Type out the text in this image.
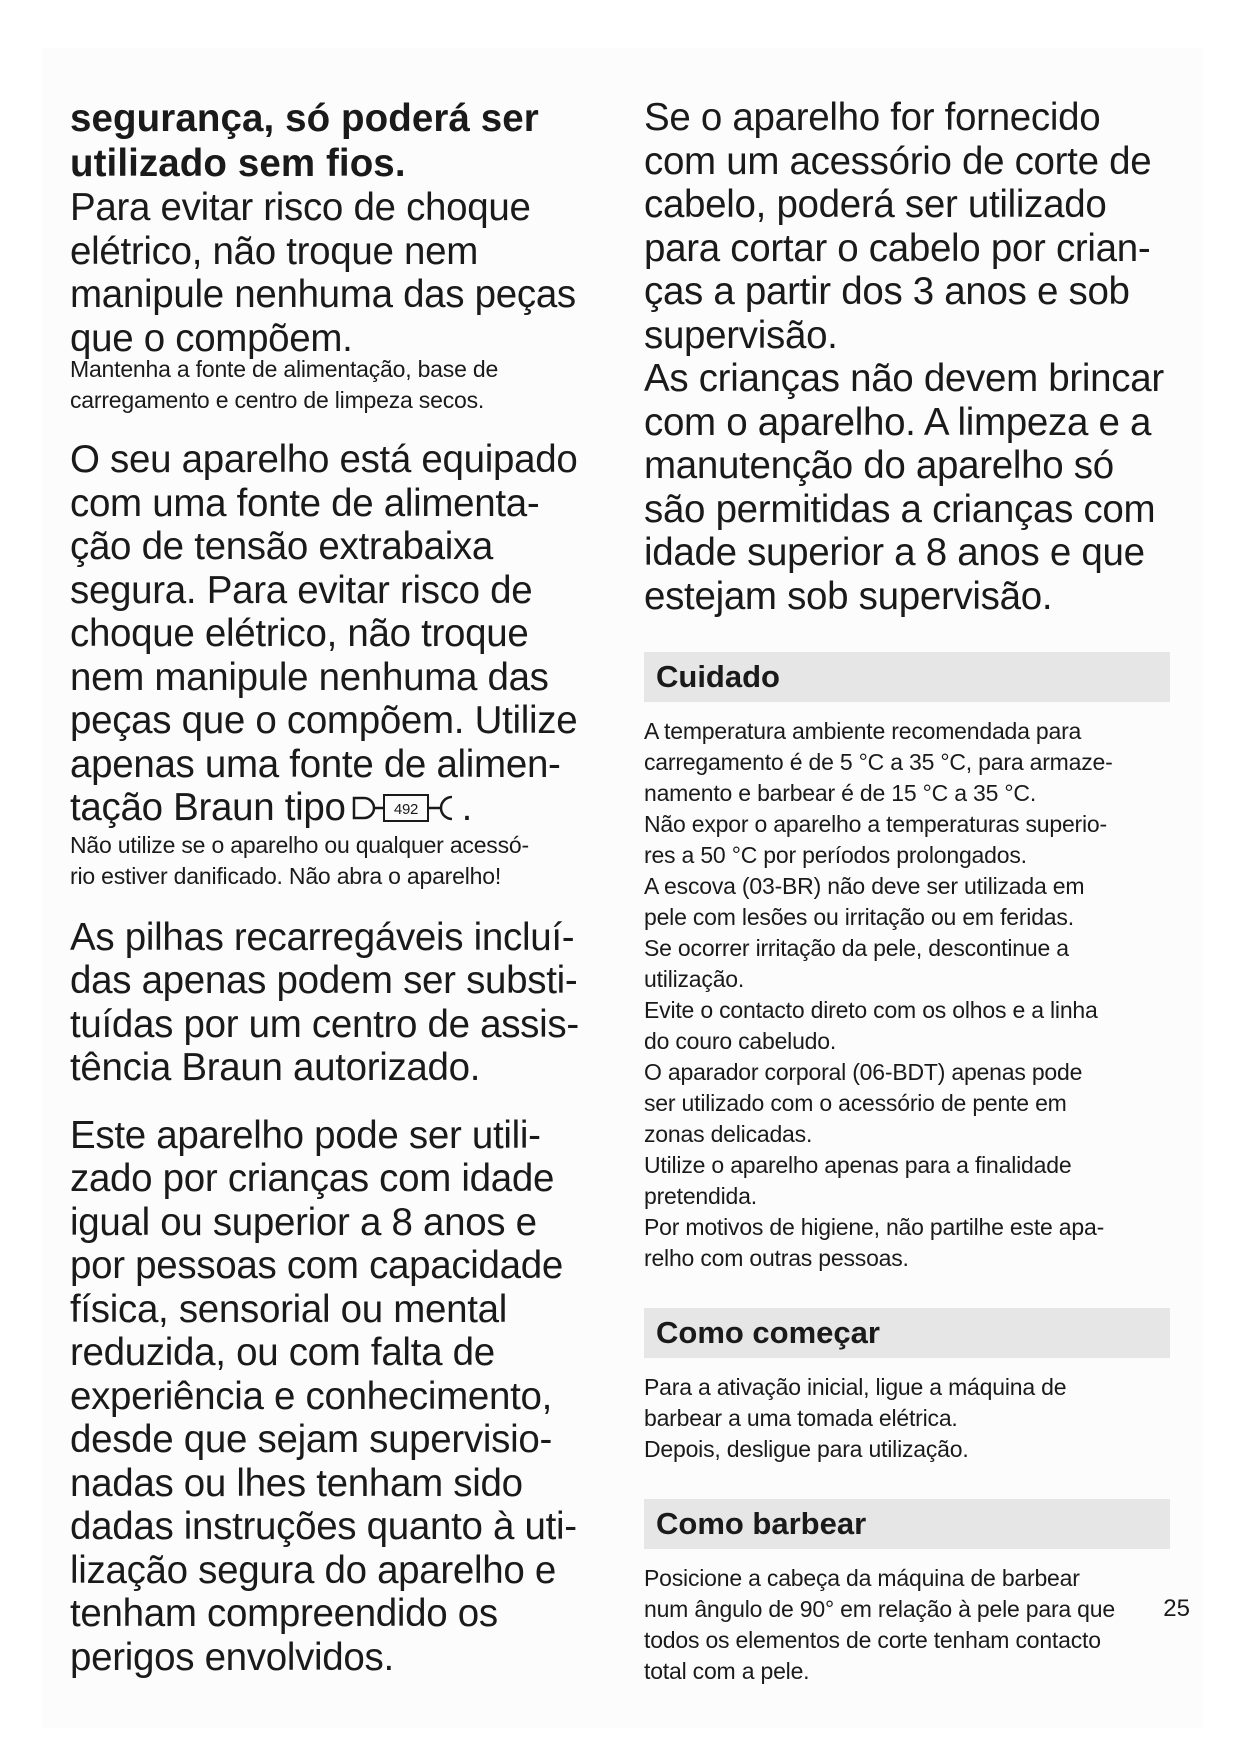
segurança, só poderá ser
utilizado sem fios.

Para evitar risco de choque
elétrico, não troque nem
manipule nenhuma das peças
que o compõem.

Mantenha a fonte de alimentação, base de
carregamento e centro de limpeza secos.

O seu aparelho está equipado
com uma fonte de alimenta-
ção de tensão extrabaixa
segura. Para evitar risco de
choque elétrico, não troque
nem manipule nenhuma das
peças que o compõem. Utilize
apenas uma fonte de alimen-
tação Braun tipo	492 .

Não utilize se o aparelho ou qualquer acessó-
rio estiver danificado. Não abra o aparelho!

As pilhas recarregáveis incluí-
das apenas podem ser substi-
tuídas por um centro de assis-
tência Braun autorizado.

Este aparelho pode ser utili-
zado por crianças com idade
igual ou superior a 8 anos e
por pessoas com capacidade
física, sensorial ou mental
reduzida, ou com falta de
experiência e conhecimento,
desde que sejam supervisio-
nadas ou lhes tenham sido
dadas instruções quanto à uti-
lização segura do aparelho e
tenham compreendido os
perigos envolvidos.

Se o aparelho for fornecido
com um acessório de corte de
cabelo, poderá ser utilizado
para cortar o cabelo por crian-
ças a partir dos 3 anos e sob
supervisão.
As crianças não devem brincar
com o aparelho. A limpeza e a
manutenção do aparelho só
são permitidas a crianças com
idade superior a 8 anos e que
estejam sob supervisão.

Cuidado

A temperatura ambiente recomendada para
carregamento é de 5 °C a 35 °C, para armaze-
namento e barbear é de 15 °C a 35 °C.
Não expor o aparelho a temperaturas superio-
res a 50 °C por períodos prolongados.
A escova (03-BR) não deve ser utilizada em
pele com lesões ou irritação ou em feridas.
Se ocorrer irritação da pele, descontinue a
utilização.
Evite o contacto direto com os olhos e a linha
do couro cabeludo.
O aparador corporal (06-BDT) apenas pode
ser utilizado com o acessório de pente em
zonas delicadas.
Utilize o aparelho apenas para a finalidade
pretendida.
Por motivos de higiene, não partilhe este apa-
relho com outras pessoas.

Como começar

Para a ativação inicial, ligue a máquina de
barbear a uma tomada elétrica.
Depois, desligue para utilização.

Como barbear

Posicione a cabeça da máquina de barbear
num ângulo de 90° em relação à pele para que
todos os elementos de corte tenham contacto
total com a pele.

25
